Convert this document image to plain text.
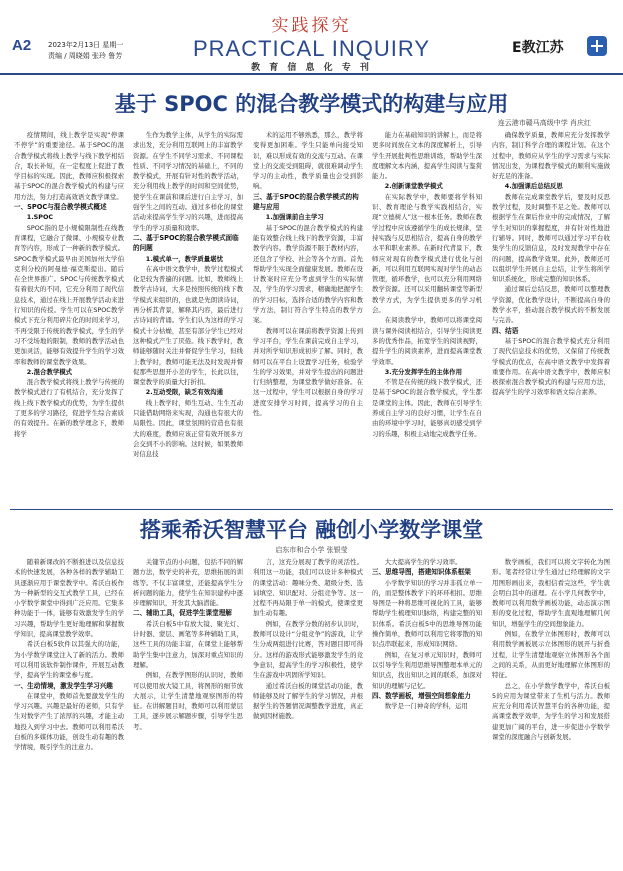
A2 2023年2月13日 星期一
责编 / 周晓娟 张玲 鲁芳
实践探究
PRACTICAL INQUIRY
教 育 信 息 化 专 刊
E教江苏
基于 SPOC 的混合教学模式的构建与应用
连云港市赣马高级中学 肖庆红

疫情期间，线上教学是实现“停课不停学”的重要途径。基于SPOC的混合教学模式将线上教学与线下教学相结合，取长补短，在一定程度上促进了教学目标的实现。因此，教师应积极探索基于SPOC的混合教学模式的构建与应用方法，努力打造高效语文教学课堂。

一、SPOC与混合教学模式概述
1.SPOC

SPOC指的是小规模限制性在线教育课程，它融合了微课、小规模专业教育等内容，形成了一种新的教学模式。SPOC教学模式最早由美国加州大学伯克利分校的阿曼德·福克斯提出。随后在全世界推广。SPOC与传统教学模式有着很大的不同，它充分利用了现代信息技术，通过在线上开展教学活动来进行知识的传授。学生可以在SPOC教学模式下充分利用碎片化的时间来学习，不再受限于传统的教学模式，学生的学习不受场地的限制，教师的教学活动也更加灵活，能够有效提升学生的学习效率和教师的课堂教学效果。

2.混合教学模式

混合教学模式将线上教学与传统的教学模式进行了有机结合，充分发挥了线上线下教学模式的优势，为学生提供了更多的学习路径，促进学生综合素质的有效提升。在新的教学理念下，教师将学

生作为教学主体，从学生的实际需求出发，充分利用互联网上的丰富教学资源。在学生不同学习需求、不同课程性质、不同学习情况的基础上，不同的教学模式，开展有针对性的教学活动，充分利用线上教学的时间和空间优势，使学生在课前和课后进行自主学习，加强学生之间的互动。通过多样化的课堂活动来提高学生学习的兴趣，进而提高学生的学习质量和效率。

二、基于SPOC的混合教学模式面临的问题
1.模式单一，教学质量堪忧

在高中语文教学中，教学过程模式化是较为普遍的问题。比如，教师线上教学古诗词，大多是按照传统的线下教学模式来组织的，也就是先朗读诗词，再分析其背景，解释其内容，最后进行古诗词的背诵。学生们认为这样的学习模式十分枯燥，甚至有部分学生已经对这种模式产生了厌倦。线下教学时，教师能够随时关注并督促学生学习，但线上教学时，教师可能无法及时发现并督促那些思想开小差的学生，长此以往，课堂教学的质量大打折扣。

2.互动受限，缺乏有效沟通

线上教学时，师生互动、生生互动只能借助网络来实现，沟通也有很大的局限性。因此，课堂氛围的营造也有很大的难度，教师应该正常有效开展多方会交到不小的影响。这时候，如果教师对信息技

术的运用不够熟悉，那么，教学将变得更加困难。学生只能单向接受知识，难以形成有效的交流与互动。在课堂上的交流受到阻碍，就很难调动学生学习的主动性，教学质量也会受到影响。

三、基于SPOC的混合教学模式的构建与应用
1.加强课前自主学习

基于SPOC的混合教学模式的构建能有效整合线上线下的教学资源，丰富教学内容。教学资源不限于教材内容，还包含了学校、社会等各个方面。首先帮助学生实现全面健康发展。教师在设计教案时应充分考虑到学生的实际情况，学生的学习需求，精确地把握学生的学习目标，选择合适的教学内容和教学方法，制订符合学生特点的教学方案。

教师可以在课前将教学资源上传到学习平台，学生在课前完成自主学习，并对所学知识形成初步了解。同时，教师可以在平台上设置学习任务，检验学生的学习效果，并对学生提出的问题进行归纳整理，为课堂教学做好准备。在这一过程中，学生可以根据自身的学习进度安排学习时间，提高学习的自主性。

能力在基础知识的讲解上，而是将更多时间放在文本的深度解析上，引导学生开展批判性思维训练，帮助学生深度理解文本内涵，提高学生阅读与鉴赏能力。

2.创新课堂教学模式

在实际教学中，教师要将学科知识、教育理论与教学实践相结合，实现“立德树人”这一根本任务。教师在教学过程中应该遵循学生的成长规律，坚持实践与反思相结合，提高自身的教学水平和职业素养。在新时代背景下，教师应对现有的教学模式进行优化与创新，可以利用互联网实现对学生的动态管理，循环教学，也可以充分利用网络教学资源。还可以采用翻转课堂等新型教学方式，为学生提供更多的学习机会。

在阅读教学中，教师可以将课堂阅读与课外阅读相结合，引导学生阅读更多的优秀作品，拓宽学生的阅读视野，提升学生的阅读素养，进而提高课堂教学效率。

3.充分发挥学生的主体作用

不管是在传统的线下教学模式，还是基于SPOC的混合教学模式，学生都是课堂的主体。因此，教师在引导学生养成自主学习的良好习惯，让学生在自由的环境中学习时，能够真切感受到学习的乐趣，积极主动地完成教学任务。

确保教学质量，教师应充分发挥教学内容，制订科学合理的课程计划。在这个过程中，教师应从学生的学习需求与实际情况出发，为课程教学模式的顺利实施做好充足的准备。

4.加强课后总结反思

教师在完成课堂教学后，要及时反思教学过程，及时调整不足之处。教师可以根据学生在课后作业中的完成情况，了解学生对知识的掌握程度，并有针对性地进行辅导。同时，教师可以通过学习平台收集学生的反馈信息，及时发现教学中存在的问题，提高教学效果。此外，教师还可以组织学生开展自主总结，让学生将所学知识系统化，形成完整的知识体系。

通过课后总结反思，教师可以整理教学资源，优化教学设计，不断提高自身的教学水平，推动混合教学模式的不断发展与完善。

四、结语

基于SPOC的混合教学模式充分利用了现代信息技术的优势，又保留了传统教学模式的优点，在高中语文教学中发挥着重要作用。在高中语文教学中，教师应积极探索混合教学模式的构建与应用方法，提高学生的学习效率和语文综合素养。

搭乘希沃智慧平台 融创小学数学课堂
启东市和合小学 张银莹

随着新课改的不断推进以及信息技术的快速发展，各种各样的教学辅助工具逐渐应用于课堂教学中。希沃白板作为一种新型的交互式教学工具，已经在小学数学课堂中得到广泛应用。它集多种功能于一体，能够有效激发学生的学习兴趣，帮助学生更好地理解和掌握数学知识，提高课堂教学效率。

希沃白板5软件以其强大的功能，为小学数学课堂注入了新的活力。教师可以利用该软件制作课件，开展互动教学，提高学生的课堂参与度。

一、生动情境，激发学生学习兴趣

在课堂中，教师首先要激发学生的学习兴趣。兴趣是最好的老师，只有学生对数学产生了浓厚的兴趣，才能主动地投入到学习中去。教师可以利用希沃白板的多媒体功能，创设生动有趣的教学情境，吸引学生的注意力。

关键节点的小问题，包括不同的解题方法，数学史的补充，思维拓展的训练等。不仅丰富课堂，还能提高学生分析问题的能力，使学生在知识建构中逐步理解知识，开发其大脑潜能。

二、辅助工具，促进学生课堂理解

希沃白板5中有放大镜、聚光灯、计时器、蒙层、画笔等多种辅助工具，这些工具的功能丰富，在课堂上能够帮助学生集中注意力，加深对重点知识的理解。

例如，在教学图形的认识时，教师可以使用放大镜工具，将图形的细节放大展示，让学生清楚地观察图形的特征。在讲解题目时，教师可以利用蒙层工具，逐步展示解题步骤，引导学生思考。

言，这充分展现了教学的灵活性。利用这一功能，我们可以设计多种模式的课堂活动：趣味分类、超级分类、选词填空、知识配对、分组竞争等。这一过程不再局限于单一的模式，使课堂更加生动有趣。

例如，在教学分数的初步认识时，教师可以设计“分组竞争”的游戏，让学生分成两组进行比赛，答对题目即可得分。这样的游戏形式能够激发学生的竞争意识，提高学生的学习积极性，使学生在游戏中巩固所学知识。

通过希沃白板的课堂活动功能，教师能够及时了解学生的学习情况，并根据学生的答题情况调整教学进度，真正做到因材施教。

大大提高学生的学习效率。

三、思维导图，搭建知识体系框架

小学数学知识的学习并非孤立单一的，而是整体教学下的环环相扣。思维导图是一种将思维可视化的工具，能够帮助学生梳理知识脉络，构建完整的知识体系。希沃白板5中的思维导图功能操作简单，教师可以利用它将零散的知识点串联起来，形成知识网络。

例如，在复习单元知识时，教师可以引导学生利用思维导图整理本单元的知识点，找出知识之间的联系，加深对知识的理解与记忆。

四、数学画板，增强空间想象能力

数学是一门神奇的学科，运用

数学画板，我们可以将文字转化为图形。笔者经常让学生通过已经理解的文字用图形画出来，我相信看完这些，学生就会明白其中的道理。在小学几何教学中，教师可以利用数学画板功能，动态演示图形的变化过程，帮助学生直观地理解几何知识，增强学生的空间想象能力。

例如，在教学立体图形时，教师可以利用数学画板展示立体图形的展开与折叠过程，让学生清楚地观察立体图形各个面之间的关系，从而更好地理解立体图形的特征。

总之，在小学数学教学中，希沃白板5的应用为课堂带来了生机与活力。教师应充分利用希沃智慧平台的各种功能，提高课堂教学效率，为学生的学习和发展搭建更加广阔的平台，进一步促进小学数学课堂的深度融合与创新发展。
